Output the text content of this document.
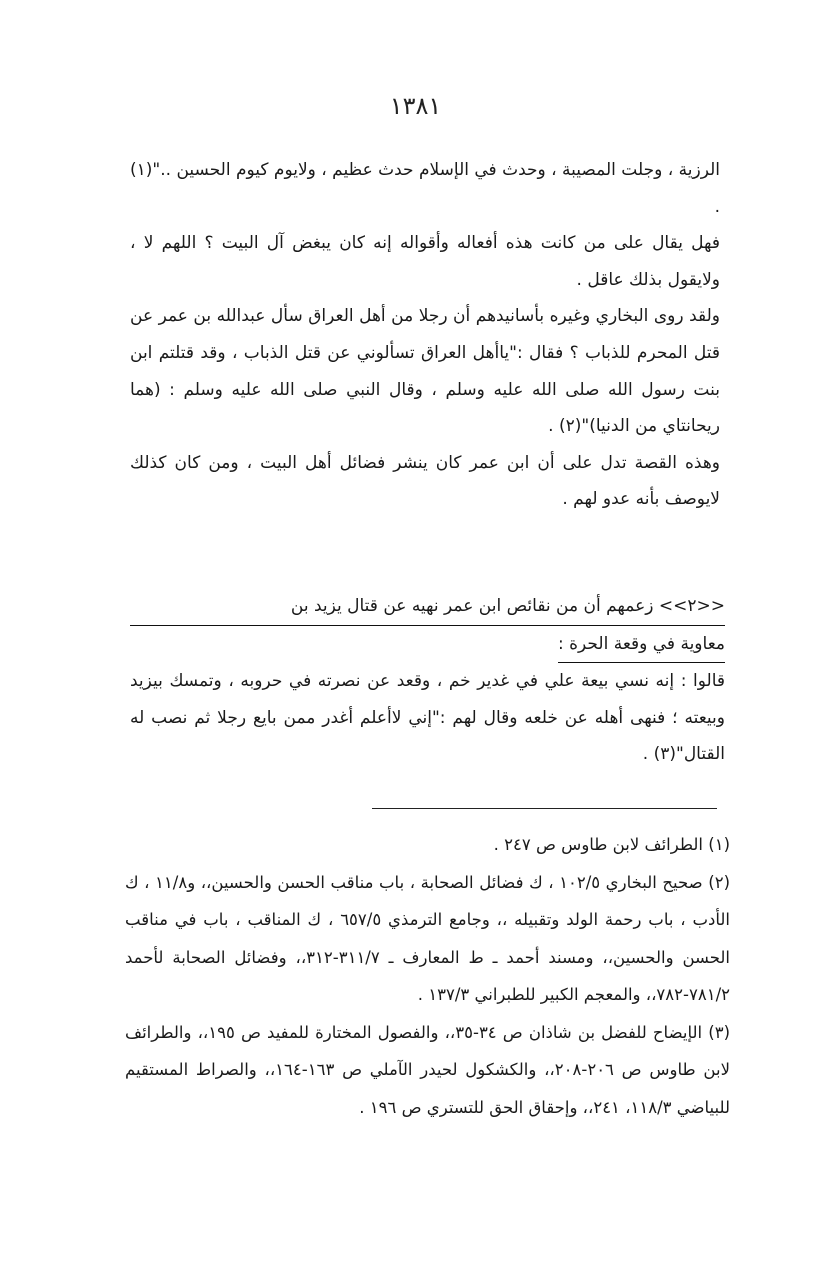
١٣٨١

الرزية ، وجلت المصيبة ، وحدث في الإسلام حدث عظيم ، ولايوم كيوم الحسين .."(١) .

فهل يقال على من كانت هذه أفعاله وأقواله إنه كان يبغض آل البيت ؟ اللهم لا ، ولايقول بذلك عاقل .

ولقد روى البخاري وغيره بأسانيدهم أن رجلا من أهل العراق سأل عبدالله بن عمر عن قتل المحرم للذباب ؟ فقال :"ياأهل العراق تسألوني عن قتل الذباب ، وقد قتلتم ابن بنت رسول الله صلى الله عليه وسلم ، وقال النبي صلى الله عليه وسلم : (هما ريحانتاي من الدنيا)"(٢) .

وهذه القصة تدل على أن ابن عمر كان ينشر فضائل أهل البيت ، ومن كان كذلك لايوصف بأنه عدو لهم .

<<٢>> زعمهم أن من نقائص ابن عمر نهيه عن قتال يزيد بن
معاوية في وقعة الحرة :

قالوا : إنه نسي بيعة علي في غدير خم ، وقعد عن نصرته في حروبه ، وتمسك بيزيد وبيعته ؛ فنهى أهله عن خلعه وقال لهم :"إني لاأعلم أغدر ممن بايع رجلا ثم نصب له القتال"(٣) .

(١) الطرائف لابن طاوس ص ٢٤٧ .

(٢) صحيح البخاري ١٠٢/٥ ، ك فضائل الصحابة ، باب مناقب الحسن والحسين،، و١١/٨ ، ك الأدب ، باب رحمة الولد وتقبيله ،، وجامع الترمذي ٦٥٧/٥ ، ك المناقب ، باب في مناقب الحسن والحسين،، ومسند أحمد ـ ط المعارف ـ ٣١١/٧-٣١٢،، وفضائل الصحابة لأحمد ٧٨١/٢-٧٨٢،، والمعجم الكبير للطبراني ١٣٧/٣ .

(٣) الإيضاح للفضل بن شاذان ص ٣٤-٣٥،، والفصول المختارة للمفيد ص ١٩٥،، والطرائف لابن طاوس ص ٢٠٦-٢٠٨،، والكشكول لحيدر الآملي ص ١٦٣-١٦٤،، والصراط المستقيم للبياضي ١١٨/٣، ٢٤١،، وإحقاق الحق للتستري ص ١٩٦ .
